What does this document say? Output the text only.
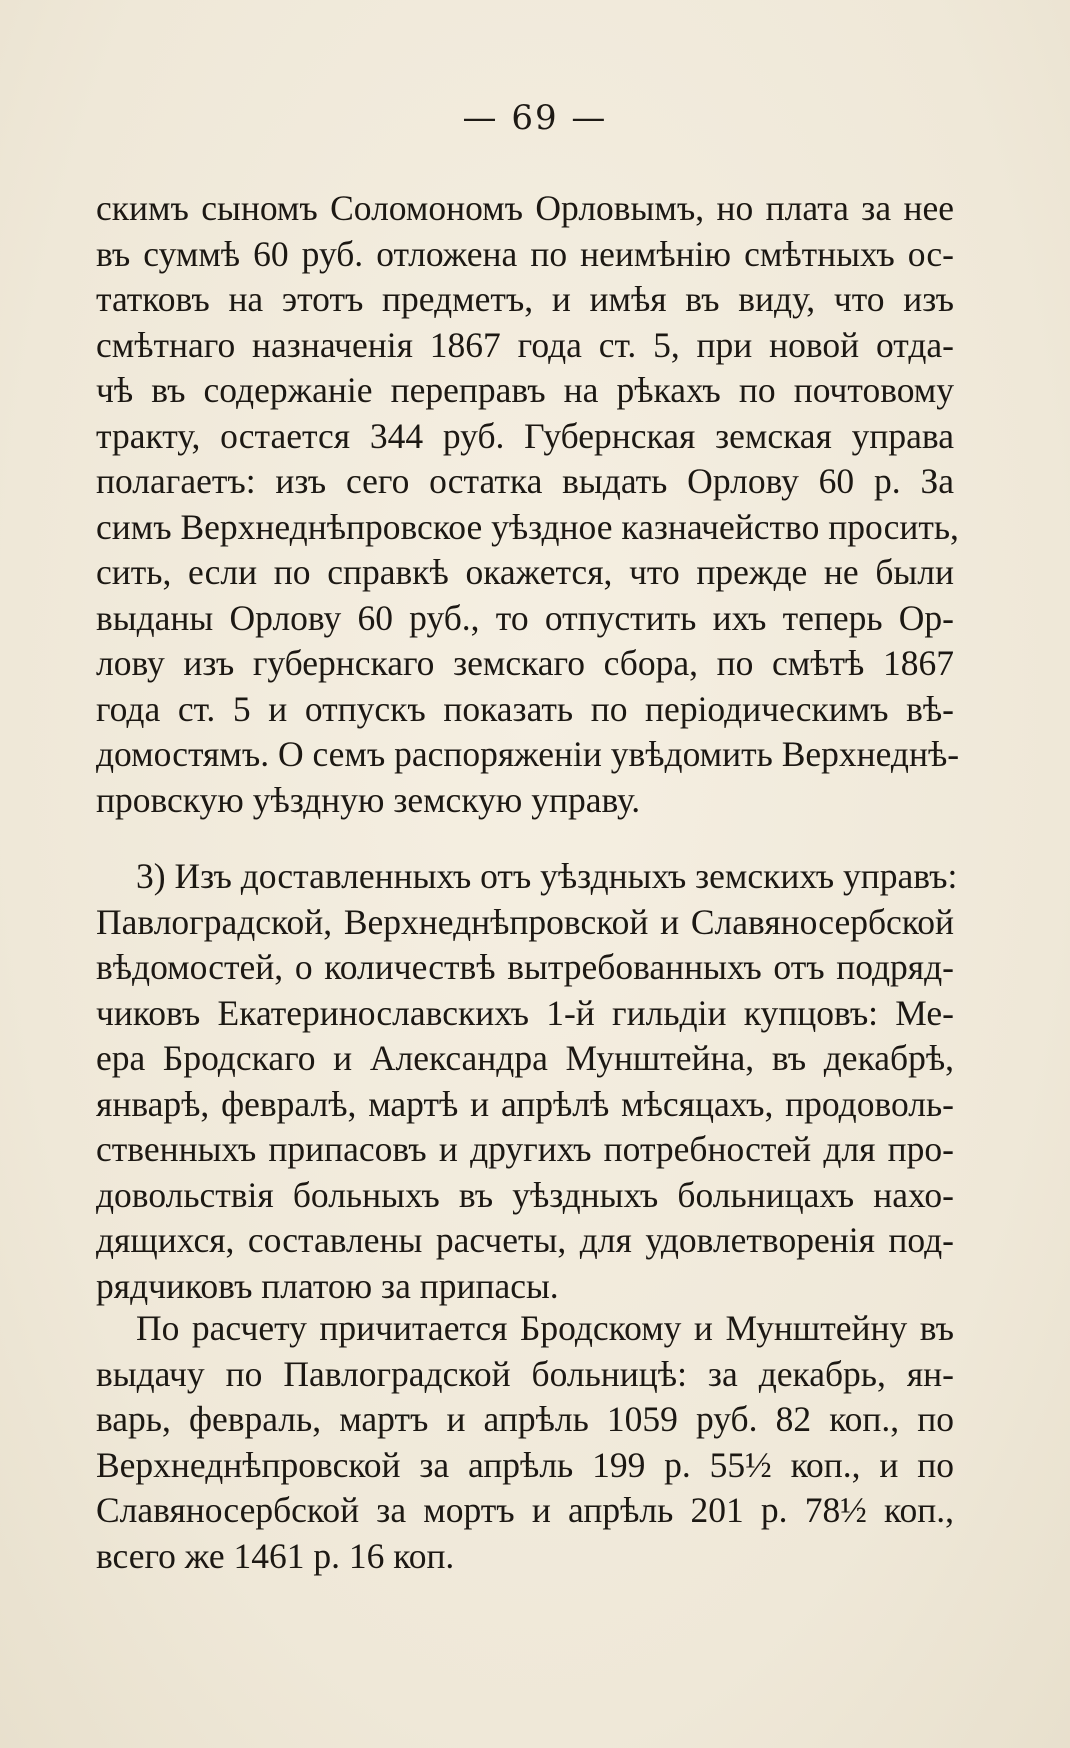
— 69 —
скимъ сыномъ Соломономъ Орловымъ, но плата за нее
въ суммѣ 60 руб. отложена по неимѣнію смѣтныхъ ос-
татковъ на этотъ предметъ, и имѣя въ виду, что изъ
смѣтнаго назначенія 1867 года ст. 5, при новой отда-
чѣ въ содержаніе переправъ на рѣкахъ по почтовому
тракту, остается 344 руб. Губернская земская управа
полагаетъ: изъ сего остатка выдать Орлову 60 р. За
симъ Верхнеднѣпровское уѣздное казначейство просить,
сить, если по справкѣ окажется, что прежде не были
выданы Орлову 60 руб., то отпустить ихъ теперь Ор-
лову изъ губернскаго земскаго сбора, по смѣтѣ 1867
года ст. 5 и отпускъ показать по періодическимъ вѣ-
домостямъ. О семъ распоряженіи увѣдомить Верхнеднѣ-
провскую уѣздную земскую управу.
3) Изъ доставленныхъ отъ уѣздныхъ земскихъ управъ:
Павлоградской, Верхнеднѣпровской и Славяносербской
вѣдомостей, о количествѣ вытребованныхъ отъ подряд-
чиковъ Екатеринославскихъ 1-й гильдіи купцовъ: Ме-
ера Бродскаго и Александра Мунштейна, въ декабрѣ,
январѣ, февралѣ, мартѣ и апрѣлѣ мѣсяцахъ, продоволь-
ственныхъ припасовъ и другихъ потребностей для про-
довольствія больныхъ въ уѣздныхъ больницахъ нахо-
дящихся, составлены расчеты, для удовлетворенія под-
рядчиковъ платою за припасы.
По расчету причитается Бродскому и Мунштейну въ
выдачу по Павлоградской больницѣ: за декабрь, ян-
варь, февраль, мартъ и апрѣль 1059 руб. 82 коп., по
Верхнеднѣпровской за апрѣль 199 р. 55½ коп., и по
Славяносербской за мортъ и апрѣль 201 р. 78½ коп.,
всего же 1461 р. 16 коп.
